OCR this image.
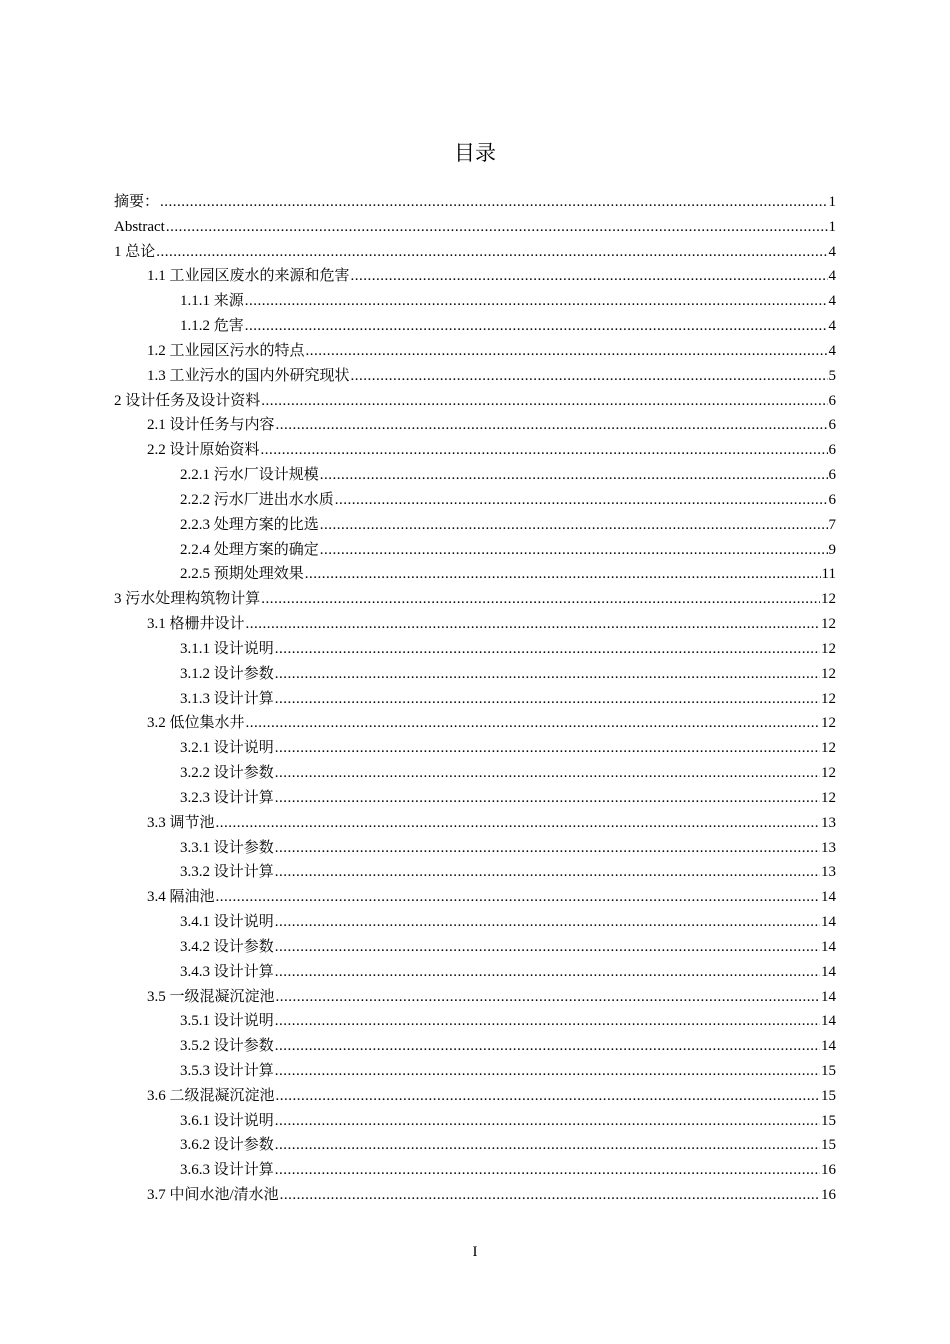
目录
摘要： .....	1
Abstract .....	1
1 总论 .....	4
1.1 工业园区废水的来源和危害 .....	4
1.1.1 来源 .....	4
1.1.2 危害 .....	4
1.2 工业园区污水的特点 .....	4
1.3 工业污水的国内外研究现状 .....	5
2 设计任务及设计资料 .....	6
2.1 设计任务与内容 .....	6
2.2 设计原始资料 .....	6
2.2.1 污水厂设计规模 .....	6
2.2.2 污水厂进出水水质 .....	6
2.2.3 处理方案的比选 .....	7
2.2.4 处理方案的确定 .....	9
2.2.5 预期处理效果 .....	11
3 污水处理构筑物计算 .....	12
3.1 格栅井设计 .....	12
3.1.1 设计说明 .....	12
3.1.2 设计参数 .....	12
3.1.3 设计计算 .....	12
3.2 低位集水井 .....	12
3.2.1 设计说明 .....	12
3.2.2 设计参数 .....	12
3.2.3 设计计算 .....	12
3.3 调节池 .....	13
3.3.1 设计参数 .....	13
3.3.2 设计计算 .....	13
3.4 隔油池 .....	14
3.4.1 设计说明 .....	14
3.4.2 设计参数 .....	14
3.4.3 设计计算 .....	14
3.5 一级混凝沉淀池 .....	14
3.5.1 设计说明 .....	14
3.5.2 设计参数 .....	14
3.5.3 设计计算 .....	15
3.6 二级混凝沉淀池 .....	15
3.6.1 设计说明 .....	15
3.6.2 设计参数 .....	15
3.6.3 设计计算 .....	16
3.7 中间水池/清水池 .....	16
I
